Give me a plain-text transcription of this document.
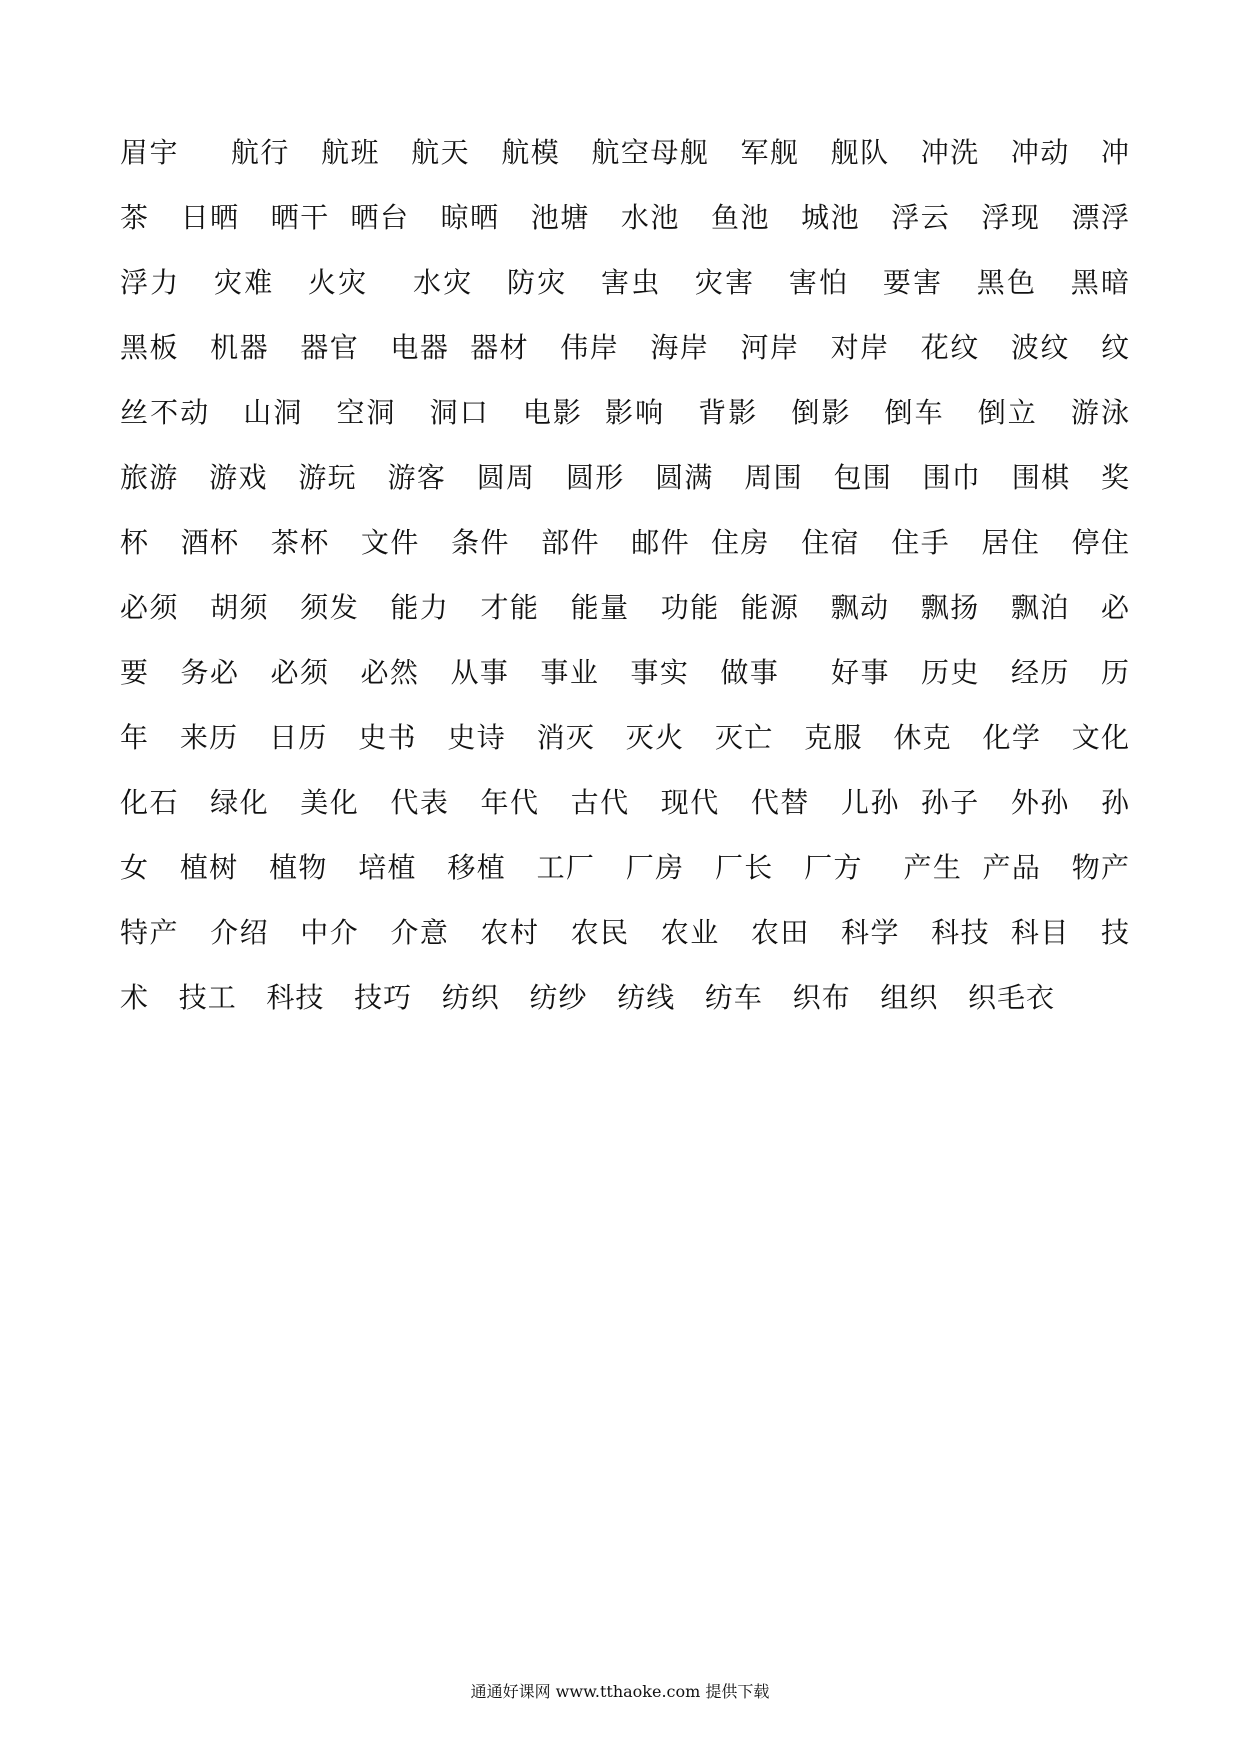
眉宇     航行   航班   航天   航模   航空母舰   军舰   舰队   冲洗   冲动   冲
茶   日晒   晒干  晒台   晾晒   池塘   水池   鱼池   城池   浮云   浮现   漂浮
浮力   灾难   火灾    水灾   防灾   害虫   灾害   害怕   要害   黑色   黑暗
黑板   机器   器官   电器  器材   伟岸   海岸   河岸   对岸   花纹   波纹   纹
丝不动   山洞   空洞   洞口   电影  影响   背影   倒影   倒车   倒立   游泳
旅游   游戏   游玩   游客   圆周   圆形   圆满   周围   包围   围巾   围棋   奖
杯   酒杯   茶杯   文件   条件   部件   邮件  住房   住宿   住手   居住   停住
必须   胡须   须发   能力   才能   能量   功能  能源   飘动   飘扬   飘泊   必
要   务必   必须   必然   从事   事业   事实   做事     好事   历史   经历   历
年   来历   日历   史书   史诗   消灭   灭火   灭亡   克服   休克   化学   文化
化石   绿化   美化   代表   年代   古代   现代   代替   儿孙  孙子   外孙   孙
女   植树   植物   培植   移植   工厂   厂房   厂长   厂方    产生  产品   物产
特产   介绍   中介   介意   农村   农民   农业   农田   科学   科技  科目   技
术   技工   科技   技巧   纺织   纺纱   纺线   纺车   织布   组织   织毛衣
通通好课网 www.tthaoke.com 提供下载
